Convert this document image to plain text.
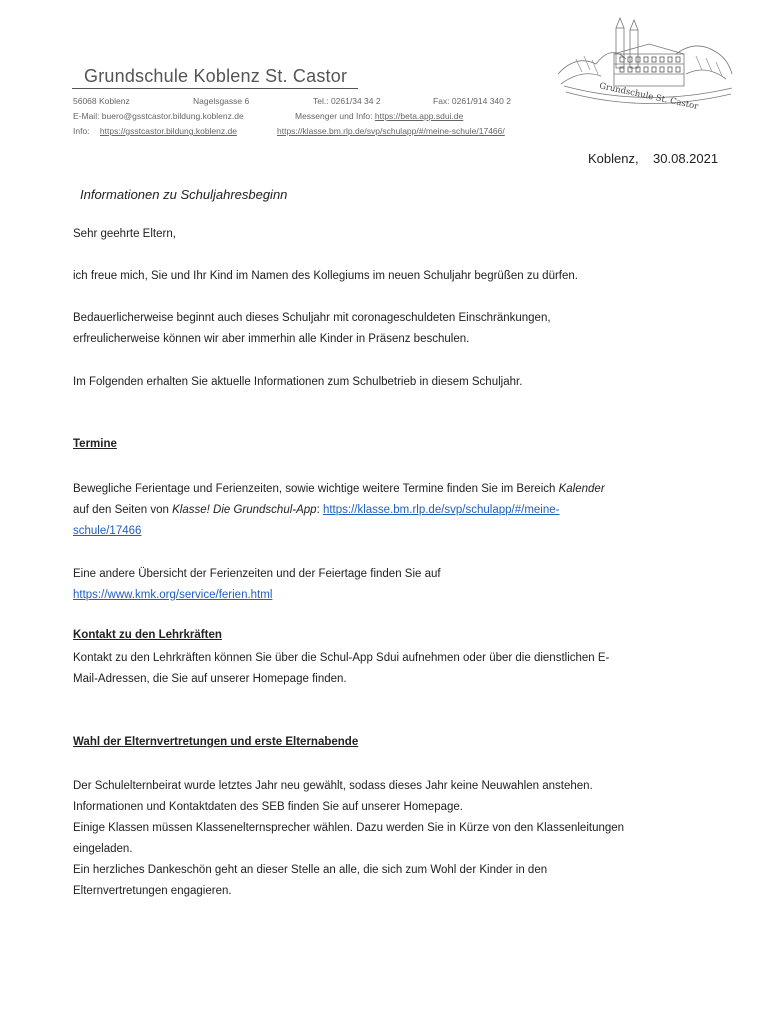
Grundschule Koblenz St. Castor
56068 Koblenz	Nagelsgasse 6	Tel.: 0261/34 34 2	Fax: 0261/914 340 2
E-Mail: buero@gsstcastor.bildung.koblenz.de	Messenger und Info: https://beta.app.sdui.de
Info: https://gsstcastor.bildung.koblenz.de	https://klasse.bm.rlp.de/svp/schulapp/#/meine-schule/17466/
Grundschule St. Castor
Koblenz,    30.08.2021
Informationen zu Schuljahresbeginn
Sehr geehrte Eltern,
ich freue mich, Sie und Ihr Kind im Namen des Kollegiums im neuen Schuljahr begrüßen zu dürfen.
Bedauerlicherweise beginnt auch dieses Schuljahr mit coronageschuldeten Einschränkungen,
erfreulicherweise können wir aber immerhin alle Kinder in Präsenz beschulen.
Im Folgenden erhalten Sie aktuelle Informationen zum Schulbetrieb in diesem Schuljahr.
Termine
Bewegliche Ferientage und Ferienzeiten, sowie wichtige weitere Termine finden Sie im Bereich Kalender
auf den Seiten von Klasse! Die Grundschul-App: https://klasse.bm.rlp.de/svp/schulapp/#/meine-
schule/17466
Eine andere Übersicht der Ferienzeiten und der Feiertage finden Sie auf
https://www.kmk.org/service/ferien.html
Kontakt zu den Lehrkräften
Kontakt zu den Lehrkräften können Sie über die Schul-App Sdui aufnehmen oder über die dienstlichen E-
Mail-Adressen, die Sie auf unserer Homepage finden.
Wahl der Elternvertretungen und erste Elternabende
Der Schulelternbeirat wurde letztes Jahr neu gewählt, sodass dieses Jahr keine Neuwahlen anstehen.
Informationen und Kontaktdaten des SEB finden Sie auf unserer Homepage.
Einige Klassen müssen Klassenelternsprecher wählen. Dazu werden Sie in Kürze von den Klassenleitungen
eingeladen.
Ein herzliches Dankeschön geht an dieser Stelle an alle, die sich zum Wohl der Kinder in den
Elternvertretungen engagieren.
